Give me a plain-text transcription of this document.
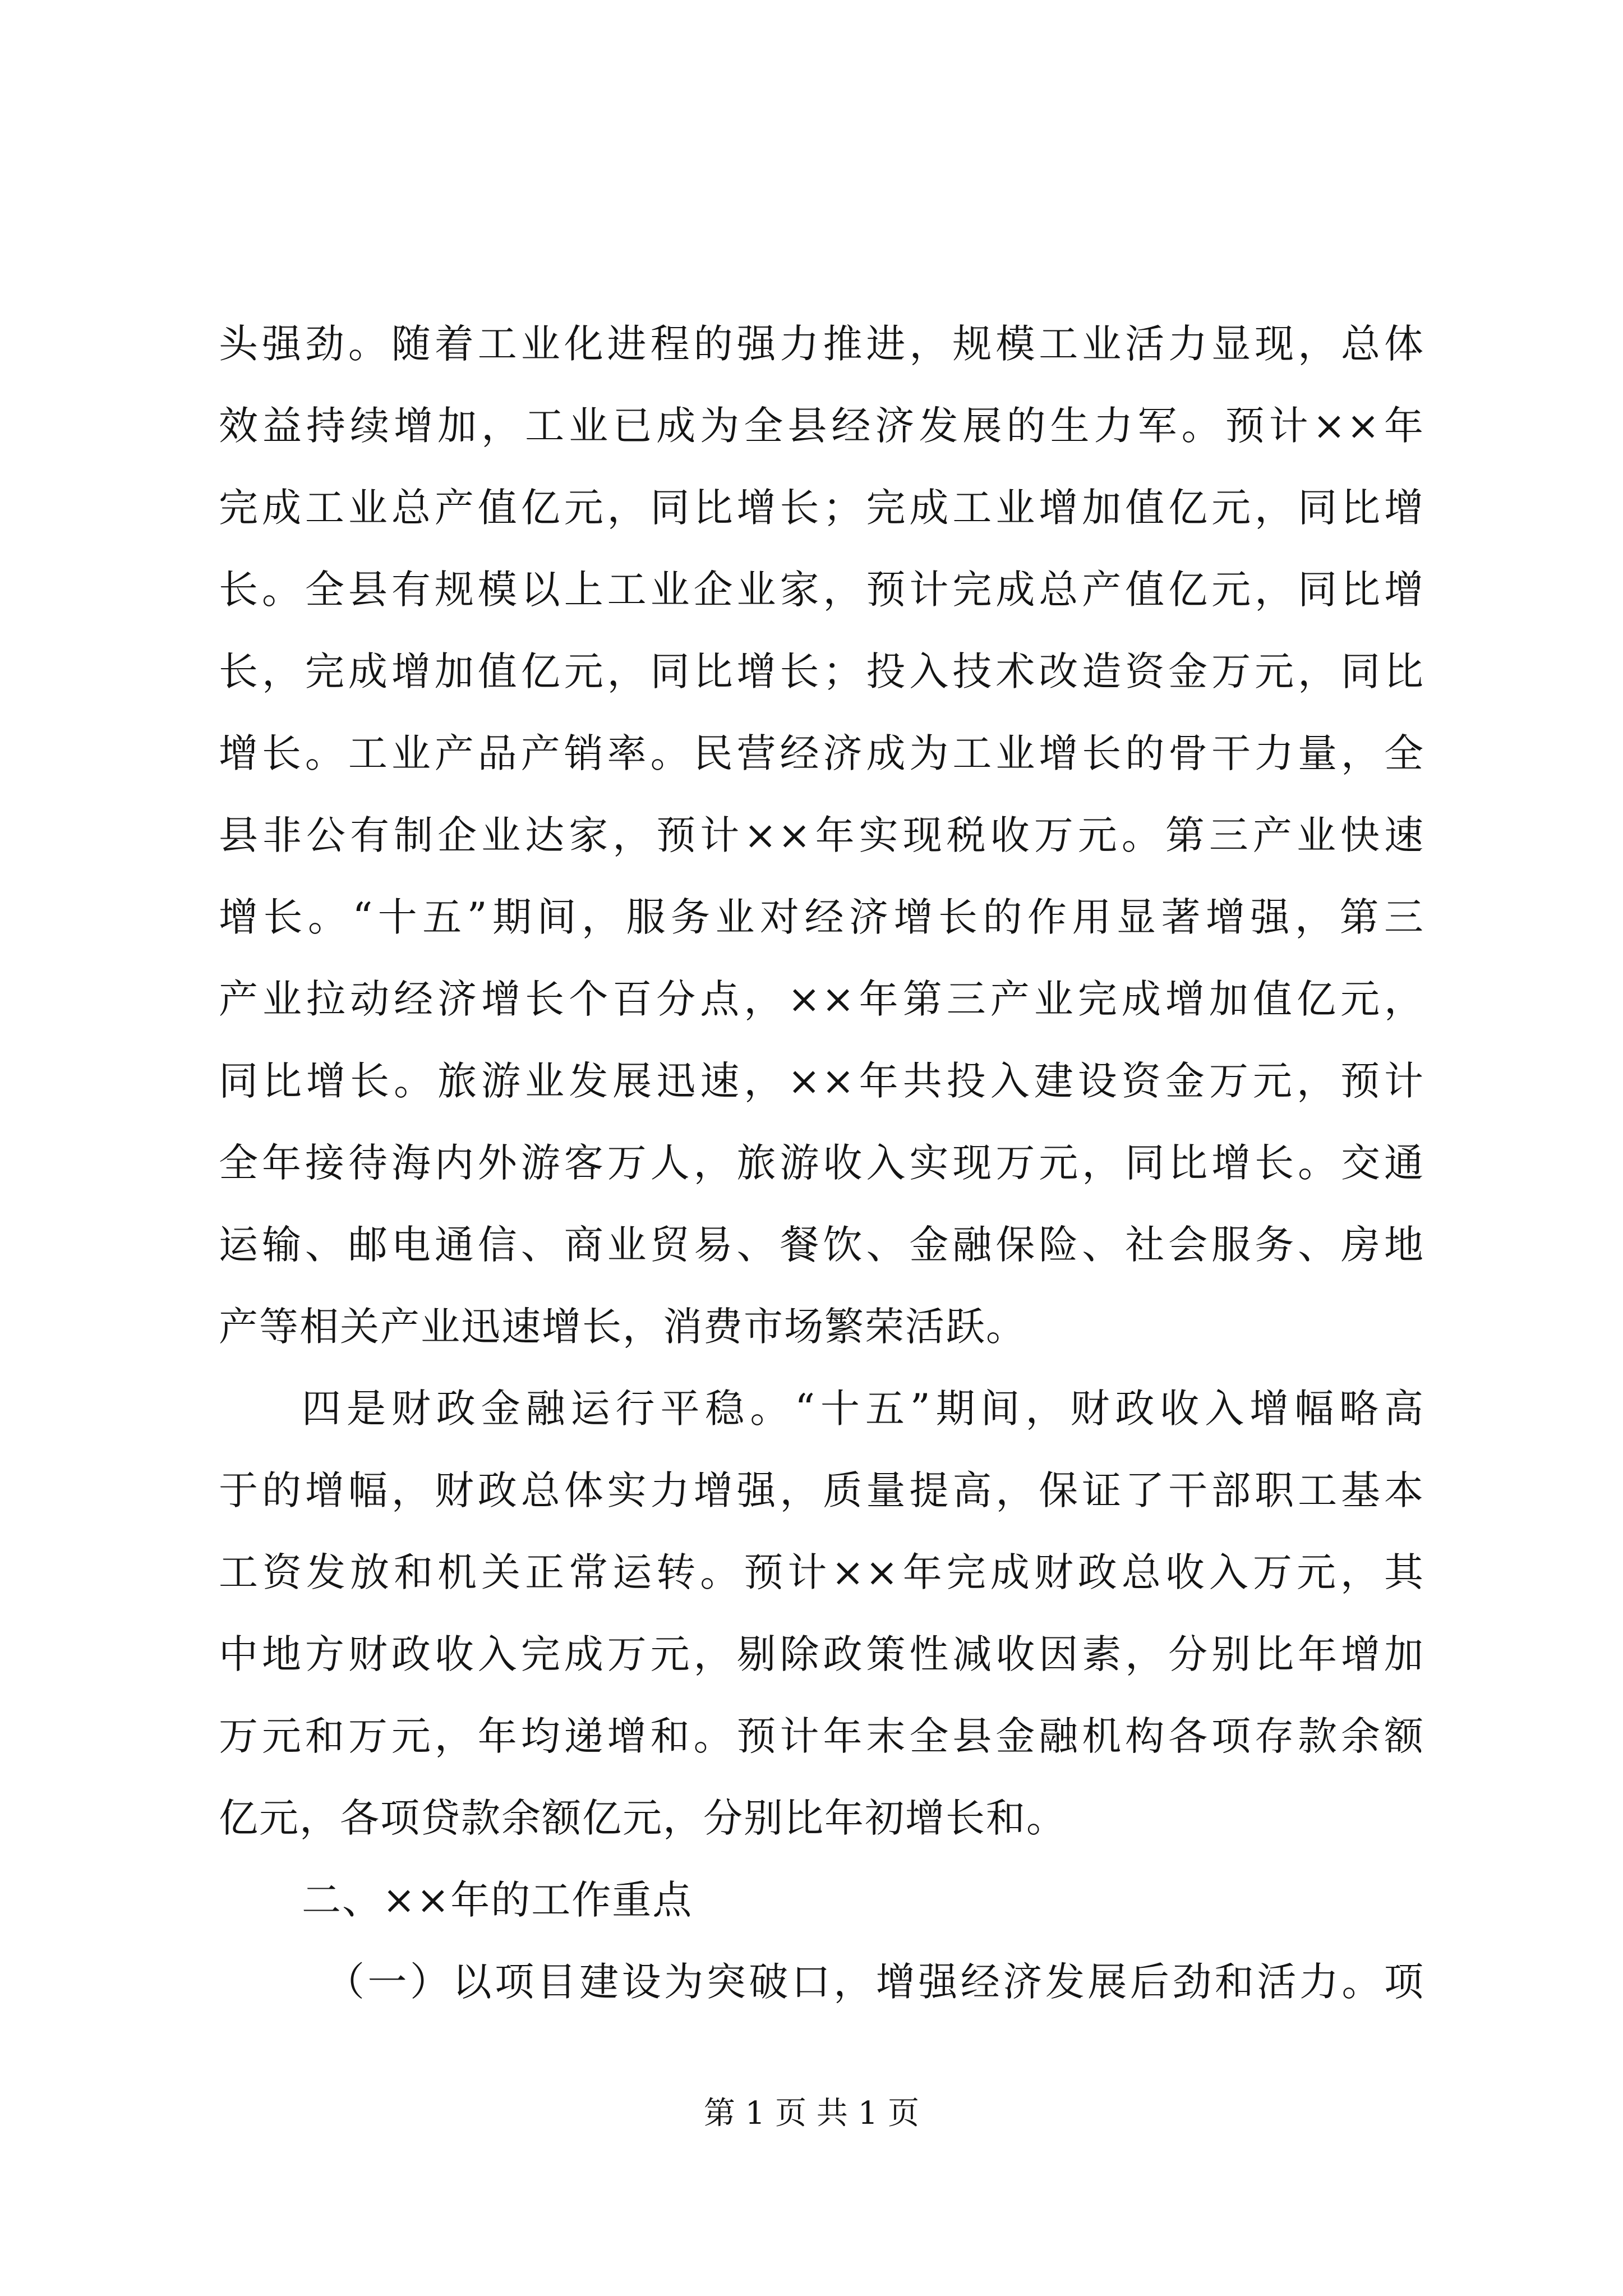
头强劲。随着工业化进程的强力推进，规模工业活力显现，总体
效益持续增加，工业已成为全县经济发展的生力军。预计××年
完成工业总产值亿元，同比增长；完成工业增加值亿元，同比增
长。全县有规模以上工业企业家，预计完成总产值亿元，同比增
长，完成增加值亿元，同比增长；投入技术改造资金万元，同比
增长。工业产品产销率。民营经济成为工业增长的骨干力量，全
县非公有制企业达家，预计××年实现税收万元。第三产业快速
增长。“十五”期间，服务业对经济增长的作用显著增强，第三
产业拉动经济增长个百分点，××年第三产业完成增加值亿元，
同比增长。旅游业发展迅速，××年共投入建设资金万元，预计
全年接待海内外游客万人，旅游收入实现万元，同比增长。交通
运输、邮电通信、商业贸易、餐饮、金融保险、社会服务、房地
产等相关产业迅速增长，消费市场繁荣活跃。
四是财政金融运行平稳。“十五”期间，财政收入增幅略高
于的增幅，财政总体实力增强，质量提高，保证了干部职工基本
工资发放和机关正常运转。预计××年完成财政总收入万元，其
中地方财政收入完成万元，剔除政策性减收因素，分别比年增加
万元和万元，年均递增和。预计年末全县金融机构各项存款余额
亿元，各项贷款余额亿元，分别比年初增长和。
二、××年的工作重点
（一）以项目建设为突破口，增强经济发展后劲和活力。项
第 1 页 共 1 页
